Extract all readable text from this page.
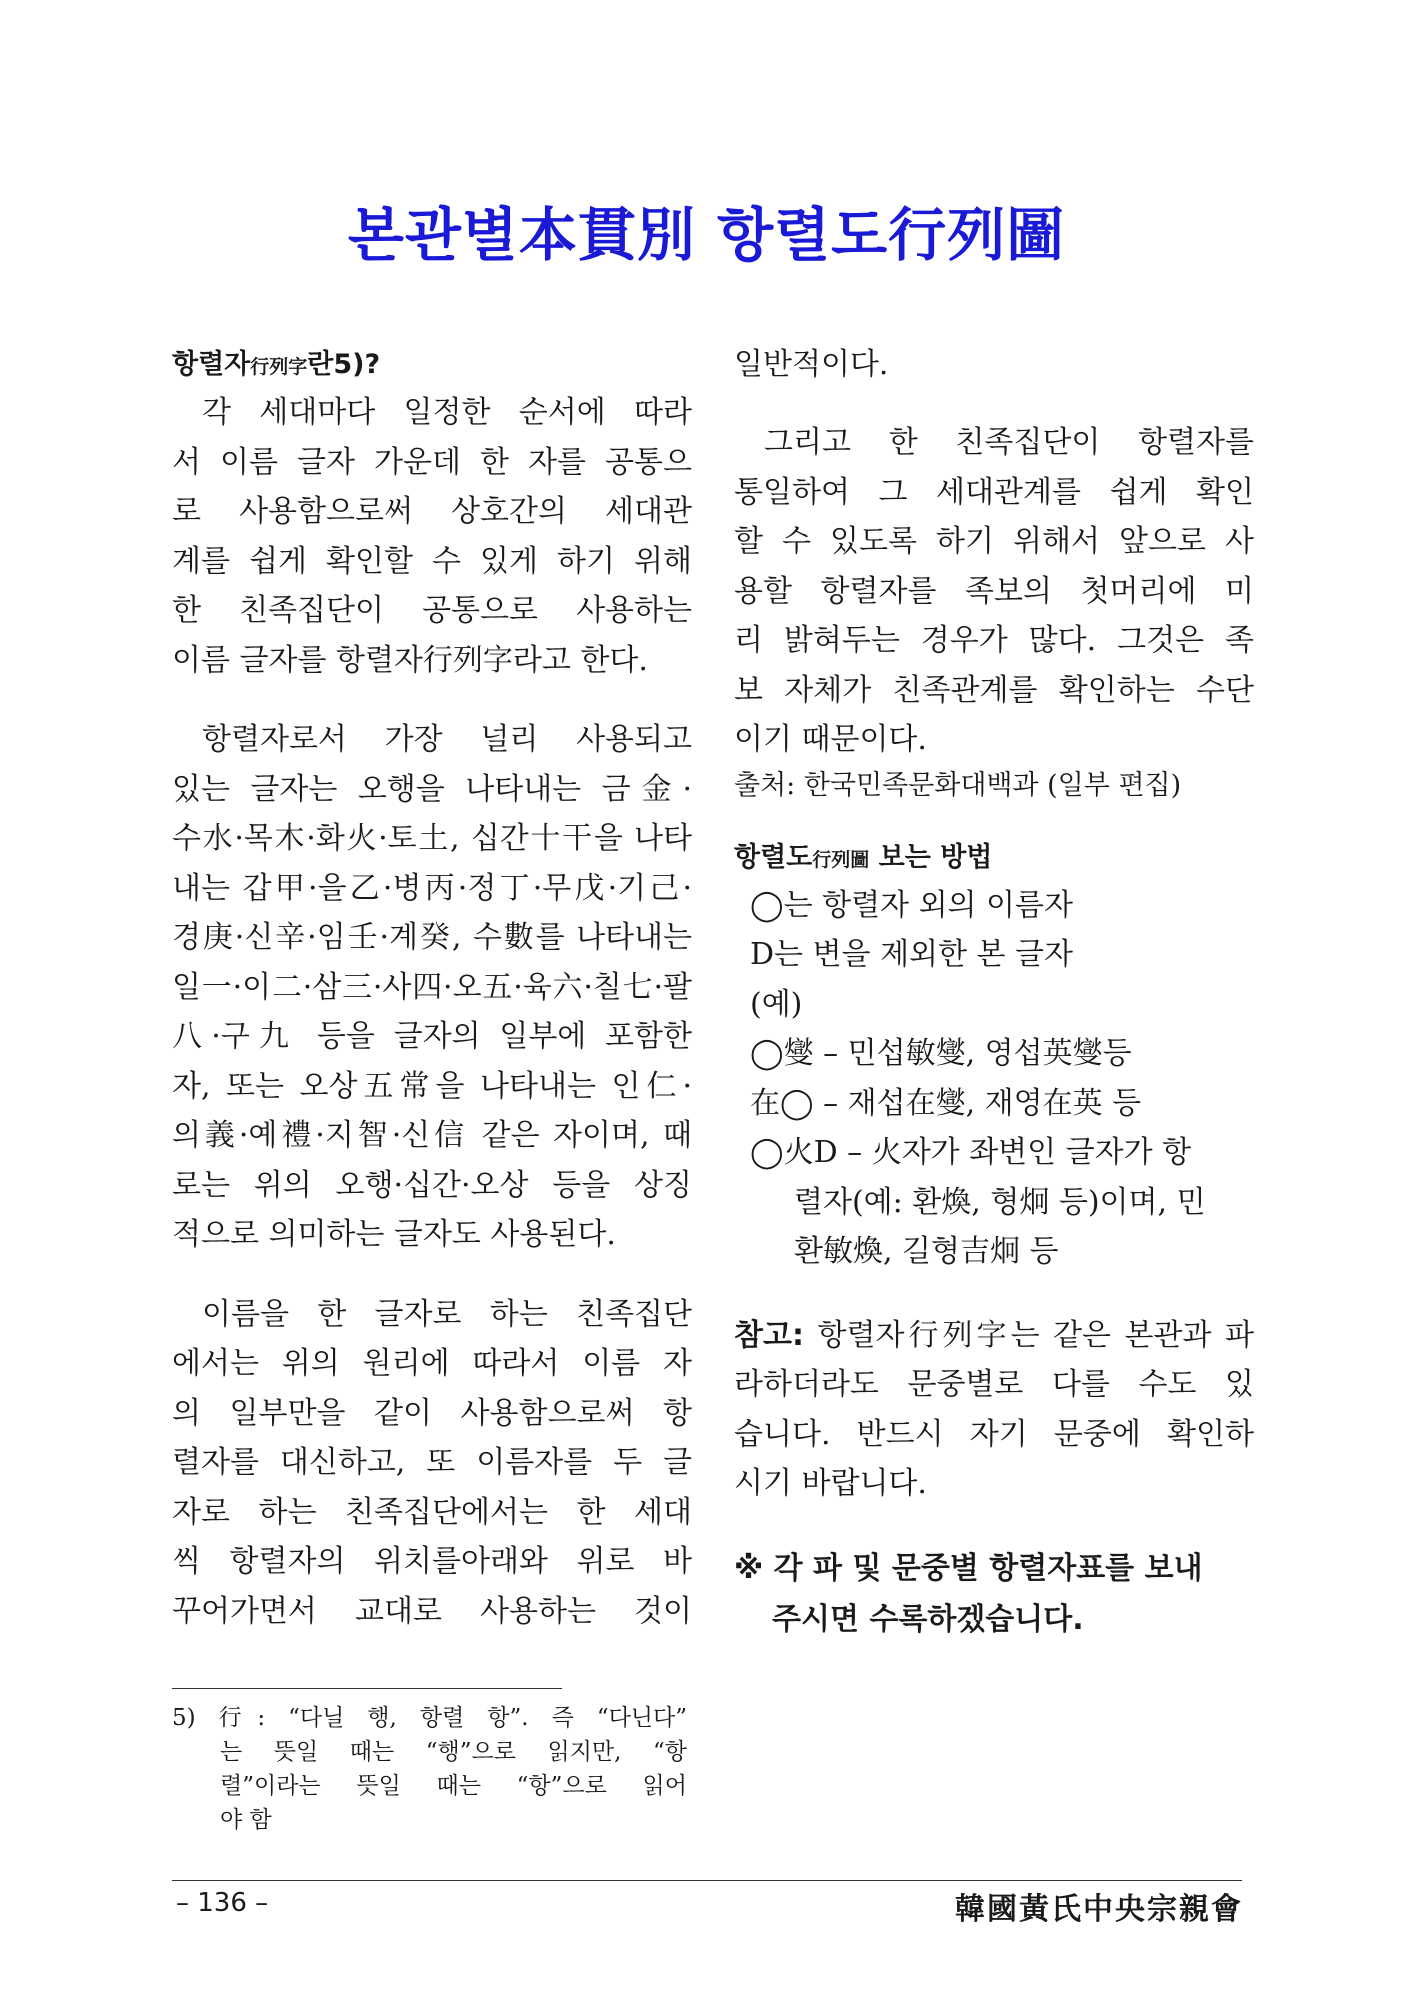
본관별本貫別 항렬도行列圖

항렬자行列字란5)?

각 세대마다 일정한 순서에 따라

서 이름 글자 가운데 한 자를 공통으

로 사용함으로써 상호간의 세대관

계를 쉽게 확인할 수 있게 하기 위해

한 친족집단이 공통으로 사용하는

이름 글자를 항렬자行列字라고 한다.

항렬자로서 가장 널리 사용되고

있는 글자는 오행을 나타내는 금金·

수水·목木·화火·토土, 십간十干을 나타

내는 갑甲·을乙·병丙·정丁·무戊·기己·

경庚·신辛·임壬·계癸, 수數를 나타내는

일一·이二·삼三·사四·오五·육六·칠七·팔

八·구九 등을 글자의 일부에 포함한

자, 또는 오상五常을 나타내는 인仁·

의義·예禮·지智·신信 같은 자이며, 때

로는 위의 오행·십간·오상 등을 상징

적으로 의미하는 글자도 사용된다.

이름을 한 글자로 하는 친족집단

에서는 위의 원리에 따라서 이름 자

의 일부만을 같이 사용함으로써 항

렬자를 대신하고, 또 이름자를 두 글

자로 하는 친족집단에서는 한 세대

씩 항렬자의 위치를아래와 위로 바

꾸어가면서 교대로 사용하는 것이

5) 行: “다닐 행, 항렬 항”. 즉 “다닌다”
는 뜻일 때는 “행”으로 읽지만, “항
렬”이라는 뜻일 때는 “항”으로 읽어
야 함

일반적이다.

그리고 한 친족집단이 항렬자를

통일하여 그 세대관계를 쉽게 확인

할 수 있도록 하기 위해서 앞으로 사

용할 항렬자를 족보의 첫머리에 미

리 밝혀두는 경우가 많다. 그것은 족

보 자체가 친족관계를 확인하는 수단

이기 때문이다.

출처: 한국민족문화대백과 (일부 편집)

항렬도行列圖 보는 방법

◯는 항렬자 외의 이름자

D는 변을 제외한 본 글자

(예)

◯燮 – 민섭敏燮, 영섭英燮등

在◯ – 재섭在燮, 재영在英 등

◯火D – 火자가 좌변인 글자가 항

렬자(예: 환煥, 형炯 등)이며, 민

환敏煥, 길형吉炯 등

참고: 항렬자行列字는 같은 본관과 파

라하더라도 문중별로 다를 수도 있

습니다. 반드시 자기 문중에 확인하

시기 바랍니다.

※ 각 파 및 문중별 항렬자표를 보내

주시면 수록하겠습니다.

– 136 –	韓國黃氏中央宗親會
